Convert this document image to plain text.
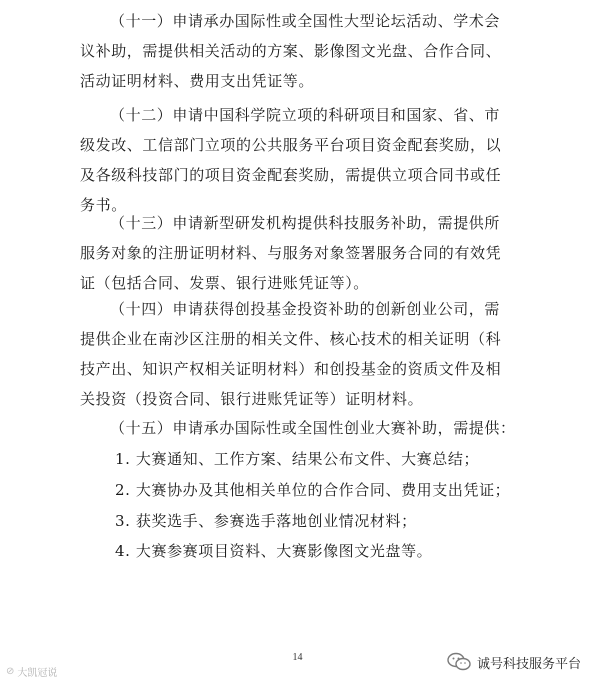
（十一）申请承办国际性或全国性大型论坛活动、学术会
议补助，需提供相关活动的方案、影像图文光盘、合作合同、
活动证明材料、费用支出凭证等。
（十二）申请中国科学院立项的科研项目和国家、省、市
级发改、工信部门立项的公共服务平台项目资金配套奖励，以
及各级科技部门的项目资金配套奖励，需提供立项合同书或任
务书。
（十三）申请新型研发机构提供科技服务补助，需提供所
服务对象的注册证明材料、与服务对象签署服务合同的有效凭
证（包括合同、发票、银行进账凭证等）。
（十四）申请获得创投基金投资补助的创新创业公司，需
提供企业在南沙区注册的相关文件、核心技术的相关证明（科
技产出、知识产权相关证明材料）和创投基金的资质文件及相
关投资（投资合同、银行进账凭证等）证明材料。
（十五）申请承办国际性或全国性创业大赛补助，需提供：
1. 大赛通知、工作方案、结果公布文件、大赛总结；
2. 大赛协办及其他相关单位的合作合同、费用支出凭证；
3. 获奖选手、参赛选手落地创业情况材料；
4. 大赛参赛项目资料、大赛影像图文光盘等。
14
⊘ 大凯冠说
诚号科技服务平台
